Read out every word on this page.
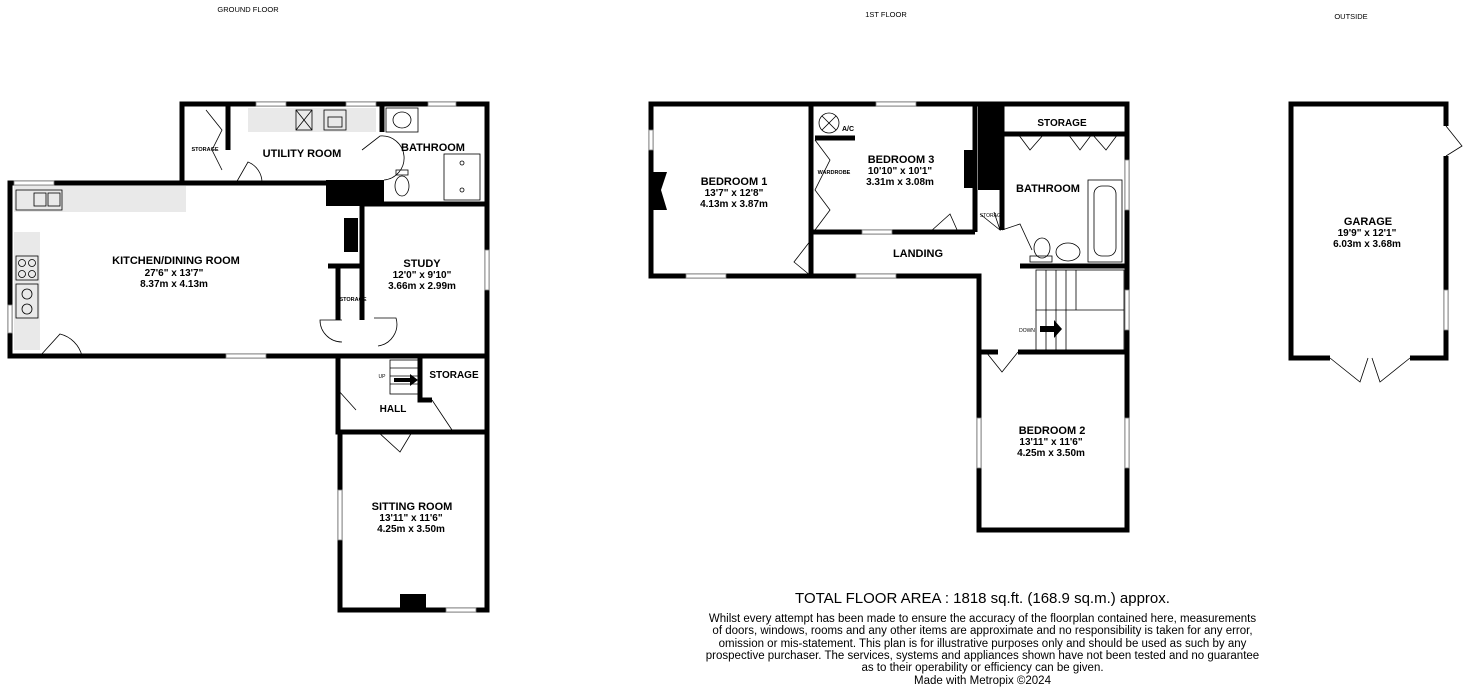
GROUND FLOOR
1ST FLOOR	OUTSIDE
STORAGE	UTILITY ROOM	BATHROOM
KITCHEN/DINING ROOM
27'6" x 13'7"
8.37m x 4.13m
STUDY
12'0" x 9'10"
3.66m x 2.99m
STORAGE
UP	STORAGE
HALL
SITTING ROOM
13'11" x 11'6"
4.25m x 3.50m
BEDROOM 1
13'7" x 12'8"
4.13m x 3.87m
A/C
WARDROBE
BEDROOM 3
10'10" x 10'1"
3.31m x 3.08m
STORAGE
BATHROOM
STORAGE
LANDING
DOWN
BEDROOM 2
13'11" x 11'6"
4.25m x 3.50m
GARAGE
19'9" x 12'1"
6.03m x 3.68m
TOTAL FLOOR AREA : 1818 sq.ft. (168.9 sq.m.) approx.
Whilst every attempt has been made to ensure the accuracy of the floorplan contained here, measurements of doors, windows, rooms and any other items are approximate and no responsibility is taken for any error, omission or mis-statement. This plan is for illustrative purposes only and should be used as such by any prospective purchaser. The services, systems and appliances shown have not been tested and no guarantee as to their operability or efficiency can be given.
Made with Metropix ©2024
